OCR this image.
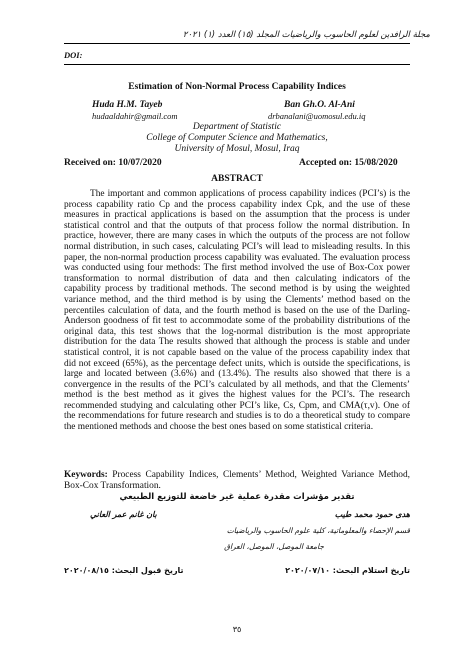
مجلة الرافدين لعلوم الحاسوب والرياضيات المجلد (١٥) العدد (١) ٢٠٢١
DOI:
Estimation of Non-Normal Process Capability Indices
Huda H.M. Tayeb
hudaaldahir@gmail.com
Ban Gh.O. Al-Ani
drbanalani@uomosul.edu.iq
Department of Statistic
College of Computer Science and Mathematics,
University of Mosul, Mosul, Iraq
Received on: 10/07/2020	Accepted on: 15/08/2020
ABSTRACT
The important and common applications of process capability indices (PCI’s) is the process capability ratio Cp and the process capability index Cpk, and the use of these measures in practical applications is based on the assumption that the process is under statistical control and that the outputs of that process follow the normal distribution. In practice, however, there are many cases in which the outputs of the process are not follow normal distribution, in such cases, calculating PCI’s will lead to misleading results. In this paper, the non-normal production process capability was evaluated. The evaluation process was conducted using four methods: The first method involved the use of Box-Cox power transformation to normal distribution of data and then calculating indicators of the capability process by traditional methods. The second method is by using the weighted variance method, and the third method is by using the Clements’ method based on the percentiles calculation of data, and the fourth method is based on the use of the Darling-Anderson goodness of fit test to accommodate some of the probability distributions of the original data, this test shows that the log-normal distribution is the most appropriate distribution for the data The results showed that although the process is stable and under statistical control, it is not capable based on the value of the process capability index that did not exceed (65%), as the percentage defect units, which is outside the specifications, is large and located between (3.6%) and (13.4%). The results also showed that there is a convergence in the results of the PCI’s calculated by all methods, and that the Clements’ method is the best method as it gives the highest values for the PCI’s. The research recommended studying and calculating other PCI’s like, Cs, Cpm, and CMA(τ,v). One of the recommendations for future research and studies is to do a theoretical study to compare the mentioned methods and choose the best ones based on some statistical criteria.
Keywords: Process Capability Indices, Clements’ Method, Weighted Variance Method, Box-Cox Transformation.
تقدير مؤشرات مقدرة عملية غير خاضعة للتوزيع الطبيعي
هدى حمود محمد طيب
بان غانم عمر العاني
قسم الإحصاء والمعلوماتية، كلية علوم الحاسوب والرياضيات
جامعة الموصل، الموصل، العراق
تاريخ استلام البحث: ٢٠٢٠/٠٧/١٠
تاريخ قبول البحث: ٢٠٢٠/٠٨/١٥
٣٥
